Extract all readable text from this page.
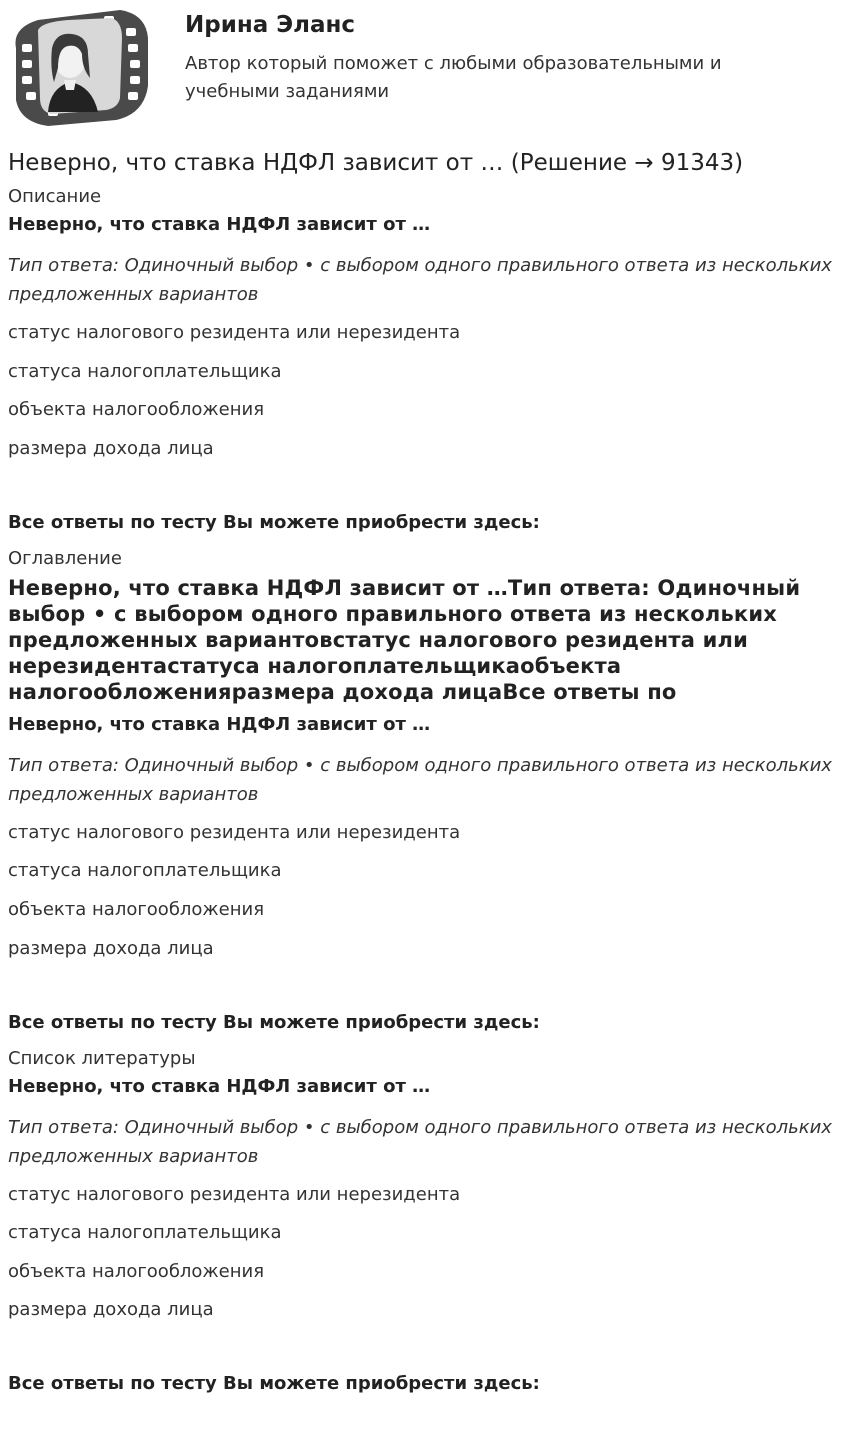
Ирина Эланс
Автор который поможет с любыми образовательными и учебными заданиями
Неверно, что ставка НДФЛ зависит от … (Решение → 91343)
Описание
Неверно, что ставка НДФЛ зависит от …
Тип ответа: Одиночный выбор • с выбором одного правильного ответа из нескольких предложенных вариантов
статус налогового резидента или нерезидента
статуса налогоплательщика
объекта налогообложения
размера дохода лица
Все ответы по тесту Вы можете приобрести здесь:
Оглавление
Неверно, что ставка НДФЛ зависит от …Тип ответа: Одиночный выбор • с выбором одного правильного ответа из нескольких предложенных вариантовстатус налогового резидента или нерезидентастатуса налогоплательщикаобъекта налогообложенияразмера дохода лицаВсе ответы по
Неверно, что ставка НДФЛ зависит от …
Тип ответа: Одиночный выбор • с выбором одного правильного ответа из нескольких предложенных вариантов
статус налогового резидента или нерезидента
статуса налогоплательщика
объекта налогообложения
размера дохода лица
Все ответы по тесту Вы можете приобрести здесь:
Список литературы
Неверно, что ставка НДФЛ зависит от …
Тип ответа: Одиночный выбор • с выбором одного правильного ответа из нескольких предложенных вариантов
статус налогового резидента или нерезидента
статуса налогоплательщика
объекта налогообложения
размера дохода лица
Все ответы по тесту Вы можете приобрести здесь:
